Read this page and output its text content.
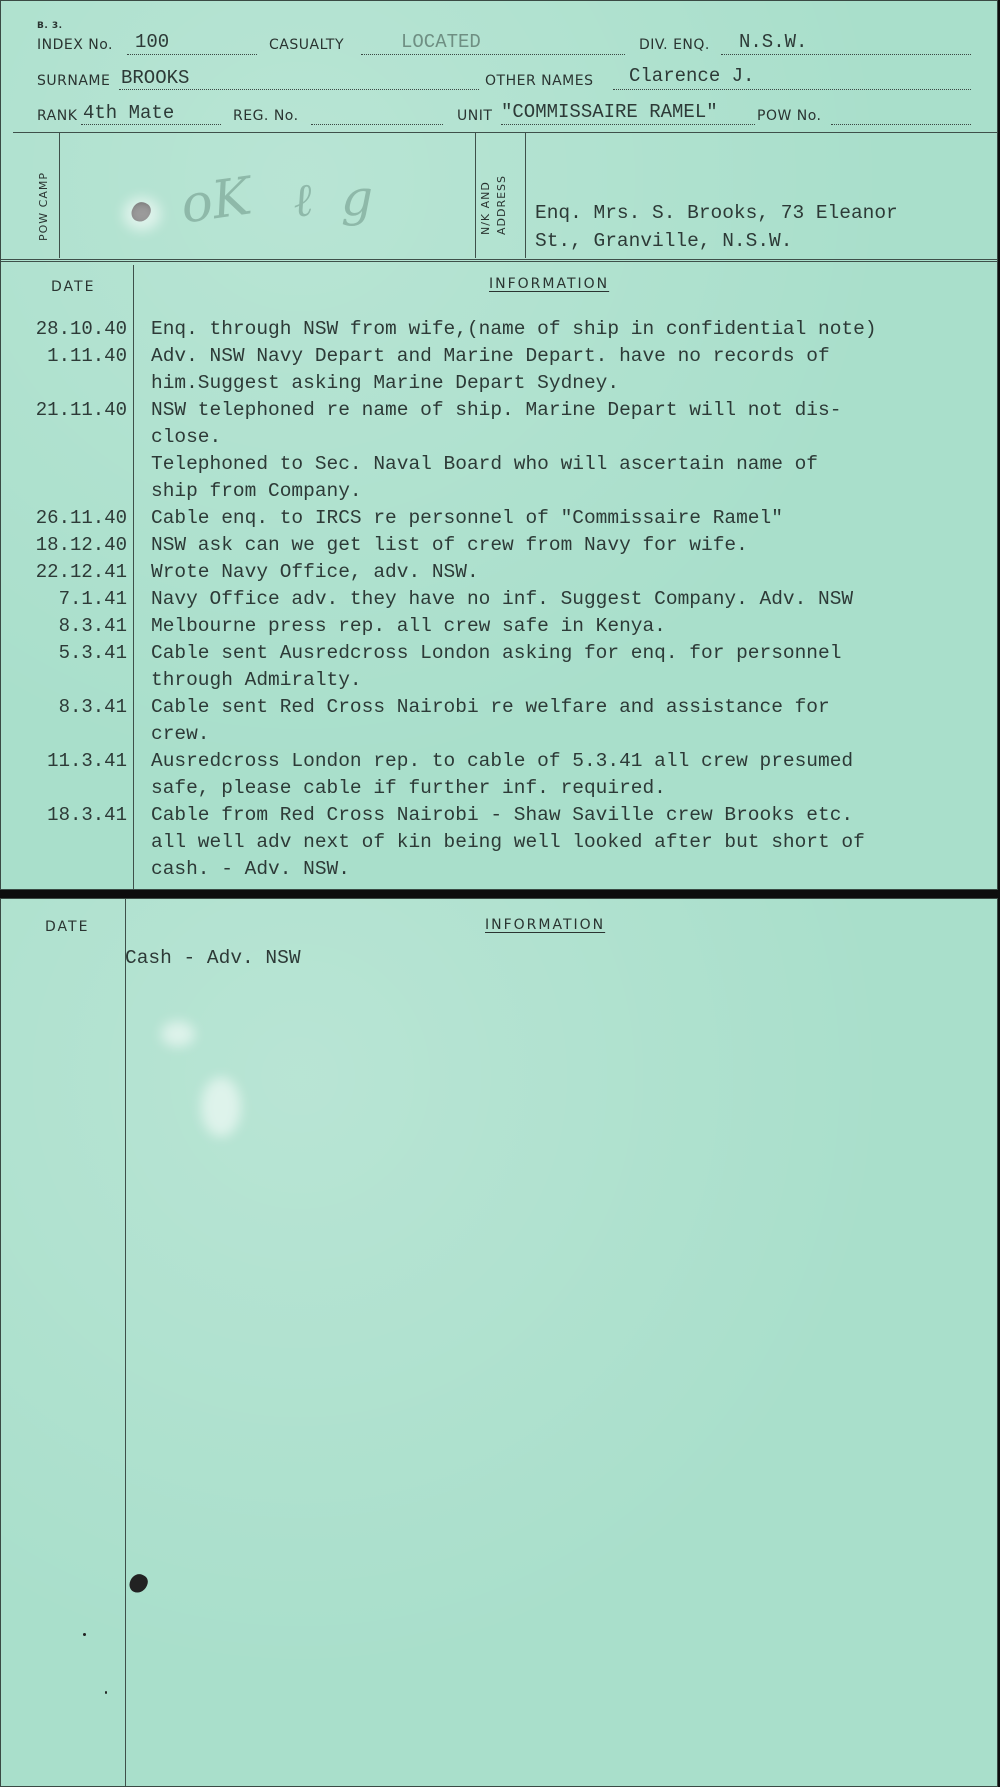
B. 3.
INDEX No. 100	CASUALTY	LOCATED	DIV. ENQ. N.S.W.
SURNAME BROOKS	OTHER NAMES Clarence J.
RANK 4th Mate	REG. No.	UNIT "COMMISSAIRE RAMEL"	POW No.
POW CAMP	N/K AND ADDRESS Enq. Mrs. S. Brooks, 73 Eleanor
St., Granville, N.S.W.
oK ℓ g
DATE	INFORMATION
28.10.40 Enq. through NSW from wife,(name of ship in confidential note)
1.11.40 Adv. NSW Navy Depart and Marine Depart. have no records of
him.Suggest asking Marine Depart Sydney.
21.11.40 NSW telephoned re name of ship. Marine Depart will not dis-
close.
Telephoned to Sec. Naval Board who will ascertain name of
ship from Company.
26.11.40 Cable enq. to IRCS re personnel of "Commissaire Ramel"
18.12.40 NSW ask can we get list of crew from Navy for wife.
22.12.41 Wrote Navy Office, adv. NSW.
7.1.41 Navy Office adv. they have no inf. Suggest Company. Adv. NSW
8.3.41 Melbourne press rep. all crew safe in Kenya.
5.3.41 Cable sent Ausredcross London asking for enq. for personnel
through Admiralty.
8.3.41 Cable sent Red Cross Nairobi re welfare and assistance for
crew.
11.3.41 Ausredcross London rep. to cable of 5.3.41 all crew presumed
safe, please cable if further inf. required.
18.3.41 Cable from Red Cross Nairobi - Shaw Saville crew Brooks etc.
all well adv next of kin being well looked after but short of
cash. - Adv. NSW.
DATE	INFORMATION
Cash - Adv. NSW
